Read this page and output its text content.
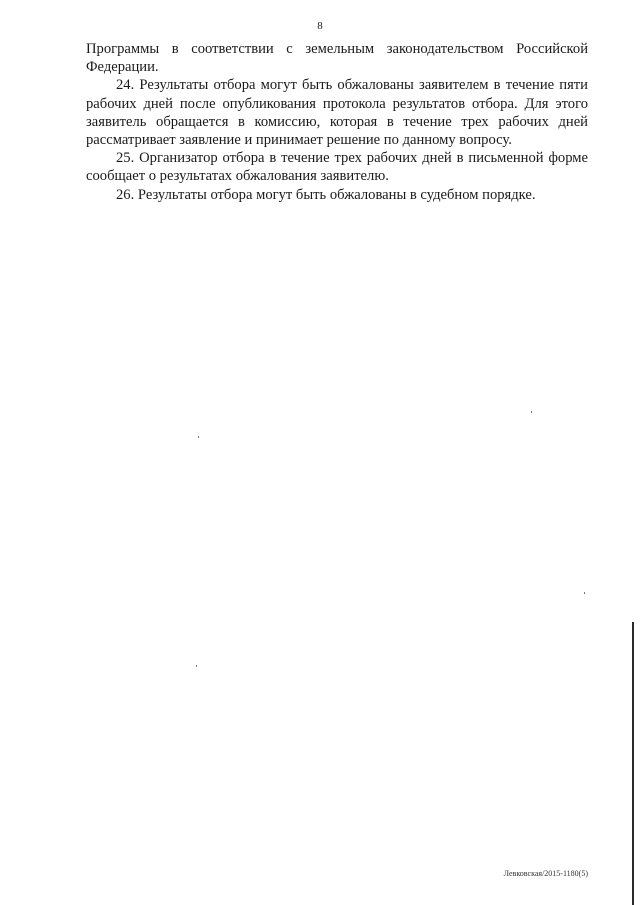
8

Программы в соответствии с земельным законодательством Российской Федерации.

24. Результаты отбора могут быть обжалованы заявителем в течение пяти рабочих дней после опубликования протокола результатов отбора. Для этого заявитель обращается в комиссию, которая в течение трех рабочих дней рассматривает заявление и принимает решение по данному вопросу.

25. Организатор отбора в течение трех рабочих дней в письменной форме сообщает о результатах обжалования заявителю.

26. Результаты отбора могут быть обжалованы в судебном порядке.

Левковская/2015-1180(5)
